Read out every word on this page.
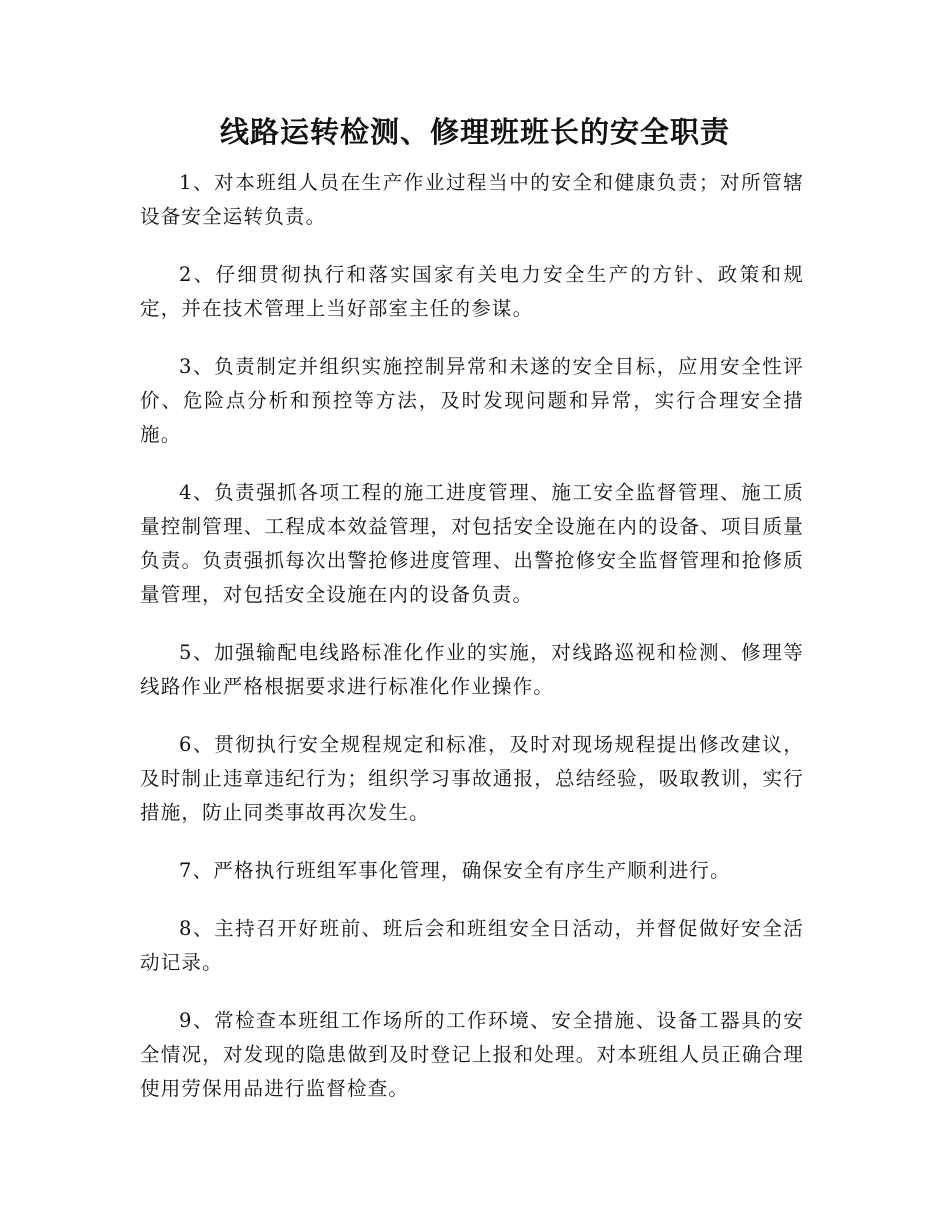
线路运转检测、修理班班长的安全职责

1、对本班组人员在生产作业过程当中的安全和健康负责；对所管辖设备安全运转负责。

2、仔细贯彻执行和落实国家有关电力安全生产的方针、政策和规定，并在技术管理上当好部室主任的参谋。

3、负责制定并组织实施控制异常和未遂的安全目标，应用安全性评价、危险点分析和预控等方法，及时发现问题和异常，实行合理安全措施。

4、负责强抓各项工程的施工进度管理、施工安全监督管理、施工质量控制管理、工程成本效益管理，对包括安全设施在内的设备、项目质量负责。负责强抓每次出警抢修进度管理、出警抢修安全监督管理和抢修质量管理，对包括安全设施在内的设备负责。

5、加强输配电线路标准化作业的实施，对线路巡视和检测、修理等线路作业严格根据要求进行标准化作业操作。

6、贯彻执行安全规程规定和标准，及时对现场规程提出修改建议，及时制止违章违纪行为；组织学习事故通报，总结经验，吸取教训，实行措施，防止同类事故再次发生。

7、严格执行班组军事化管理，确保安全有序生产顺利进行。

8、主持召开好班前、班后会和班组安全日活动，并督促做好安全活动记录。

9、常检查本班组工作场所的工作环境、安全措施、设备工器具的安全情况，对发现的隐患做到及时登记上报和处理。对本班组人员正确合理使用劳保用品进行监督检查。
